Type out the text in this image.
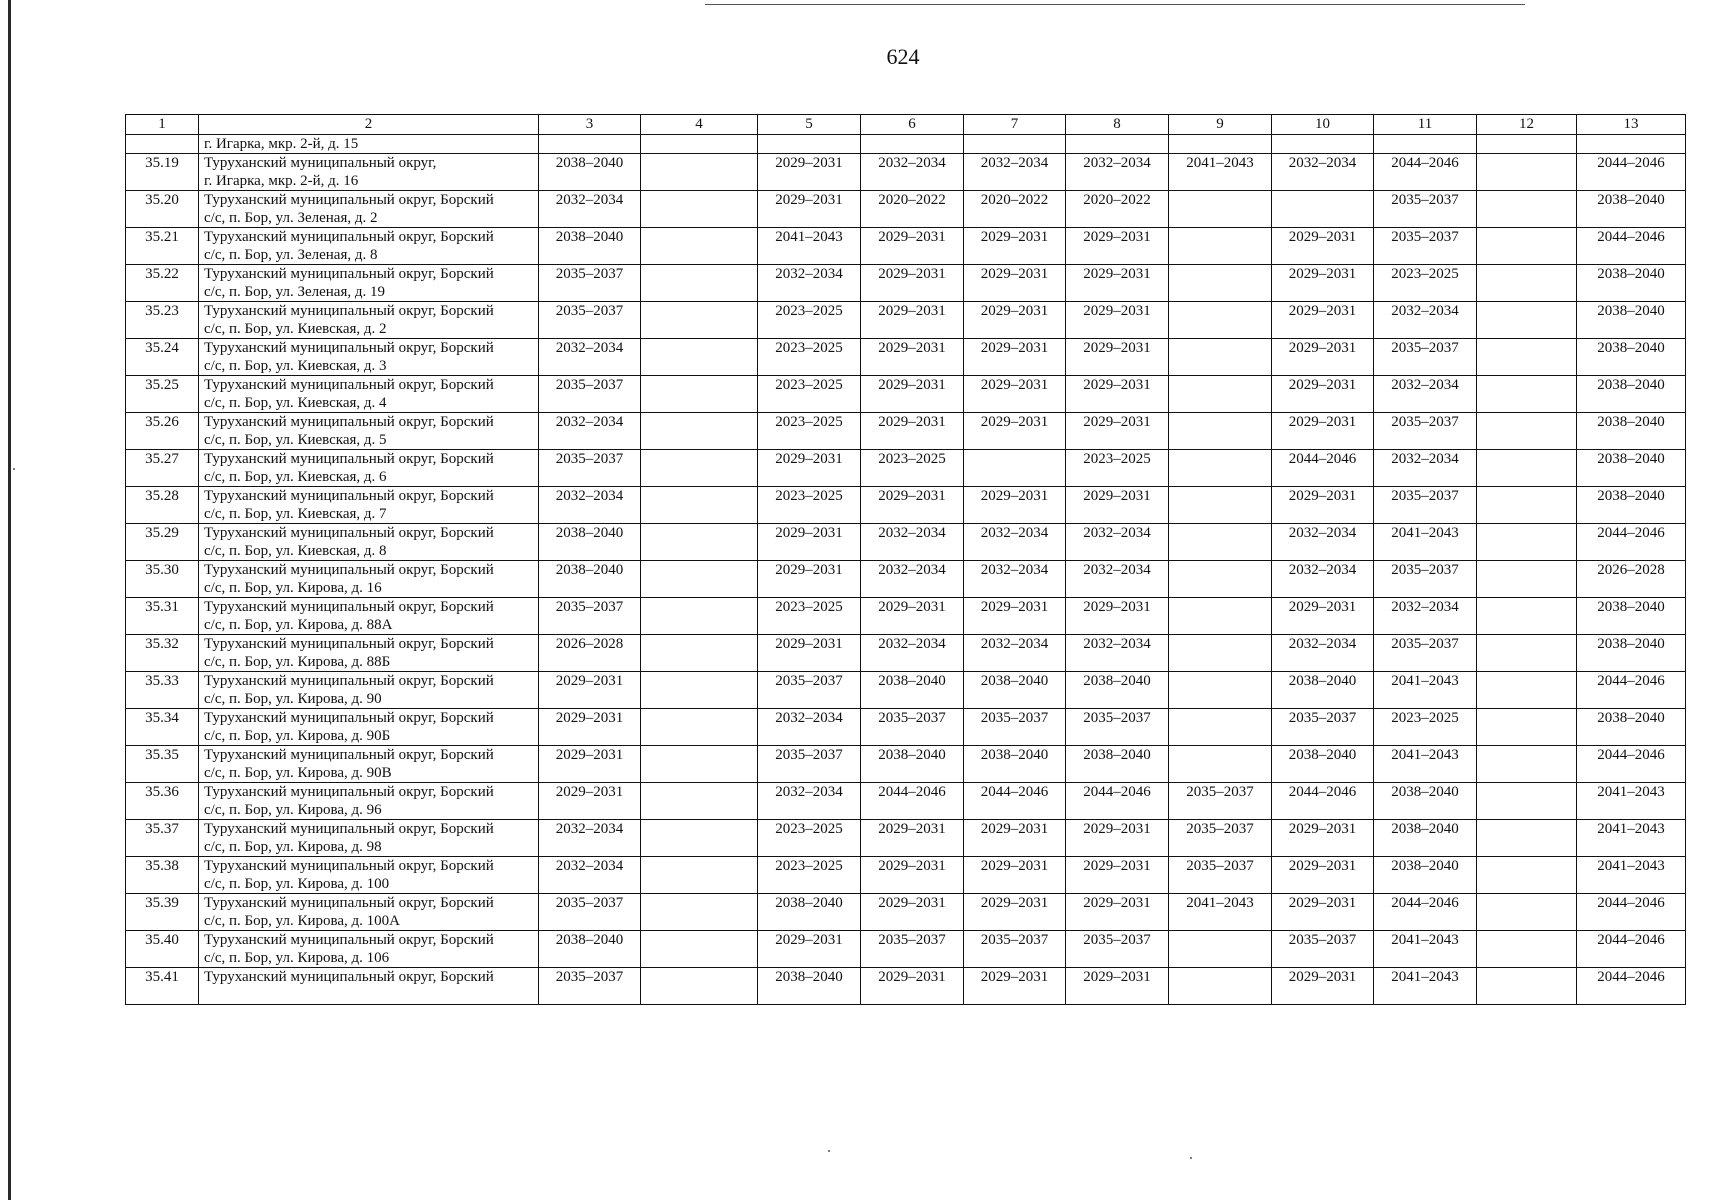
624
1	2	3	4	5	6	7	8	9	10	11	12	13

	г. Игарка, мкр. 2-й, д. 15											

35.19	Туруханский муниципальный округ,
г. Игарка, мкр. 2-й, д. 16	2038–2040		2029–2031	2032–2034	2032–2034	2032–2034	2041–2043	2032–2034	2044–2046		2044–2046
35.20	Туруханский муниципальный округ, Борский
с/с, п. Бор, ул. Зеленая, д. 2	2032–2034		2029–2031	2020–2022	2020–2022	2020–2022			2035–2037		2038–2040
35.21	Туруханский муниципальный округ, Борский
с/с, п. Бор, ул. Зеленая, д. 8	2038–2040		2041–2043	2029–2031	2029–2031	2029–2031		2029–2031	2035–2037		2044–2046
35.22	Туруханский муниципальный округ, Борский
с/с, п. Бор, ул. Зеленая, д. 19	2035–2037		2032–2034	2029–2031	2029–2031	2029–2031		2029–2031	2023–2025		2038–2040
35.23	Туруханский муниципальный округ, Борский
с/с, п. Бор, ул. Киевская, д. 2	2035–2037		2023–2025	2029–2031	2029–2031	2029–2031		2029–2031	2032–2034		2038–2040
35.24	Туруханский муниципальный округ, Борский
с/с, п. Бор, ул. Киевская, д. 3	2032–2034		2023–2025	2029–2031	2029–2031	2029–2031		2029–2031	2035–2037		2038–2040
35.25	Туруханский муниципальный округ, Борский
с/с, п. Бор, ул. Киевская, д. 4	2035–2037		2023–2025	2029–2031	2029–2031	2029–2031		2029–2031	2032–2034		2038–2040
35.26	Туруханский муниципальный округ, Борский
с/с, п. Бор, ул. Киевская, д. 5	2032–2034		2023–2025	2029–2031	2029–2031	2029–2031		2029–2031	2035–2037		2038–2040
35.27	Туруханский муниципальный округ, Борский
с/с, п. Бор, ул. Киевская, д. 6	2035–2037		2029–2031	2023–2025		2023–2025		2044–2046	2032–2034		2038–2040
35.28	Туруханский муниципальный округ, Борский
с/с, п. Бор, ул. Киевская, д. 7	2032–2034		2023–2025	2029–2031	2029–2031	2029–2031		2029–2031	2035–2037		2038–2040
35.29	Туруханский муниципальный округ, Борский
с/с, п. Бор, ул. Киевская, д. 8	2038–2040		2029–2031	2032–2034	2032–2034	2032–2034		2032–2034	2041–2043		2044–2046
35.30	Туруханский муниципальный округ, Борский
с/с, п. Бор, ул. Кирова, д. 16	2038–2040		2029–2031	2032–2034	2032–2034	2032–2034		2032–2034	2035–2037		2026–2028
35.31	Туруханский муниципальный округ, Борский
с/с, п. Бор, ул. Кирова, д. 88А	2035–2037		2023–2025	2029–2031	2029–2031	2029–2031		2029–2031	2032–2034		2038–2040
35.32	Туруханский муниципальный округ, Борский
с/с, п. Бор, ул. Кирова, д. 88Б	2026–2028		2029–2031	2032–2034	2032–2034	2032–2034		2032–2034	2035–2037		2038–2040
35.33	Туруханский муниципальный округ, Борский
с/с, п. Бор, ул. Кирова, д. 90	2029–2031		2035–2037	2038–2040	2038–2040	2038–2040		2038–2040	2041–2043		2044–2046
35.34	Туруханский муниципальный округ, Борский
с/с, п. Бор, ул. Кирова, д. 90Б	2029–2031		2032–2034	2035–2037	2035–2037	2035–2037		2035–2037	2023–2025		2038–2040
35.35	Туруханский муниципальный округ, Борский
с/с, п. Бор, ул. Кирова, д. 90В	2029–2031		2035–2037	2038–2040	2038–2040	2038–2040		2038–2040	2041–2043		2044–2046
35.36	Туруханский муниципальный округ, Борский
с/с, п. Бор, ул. Кирова, д. 96	2029–2031		2032–2034	2044–2046	2044–2046	2044–2046	2035–2037	2044–2046	2038–2040		2041–2043
35.37	Туруханский муниципальный округ, Борский
с/с, п. Бор, ул. Кирова, д. 98	2032–2034		2023–2025	2029–2031	2029–2031	2029–2031	2035–2037	2029–2031	2038–2040		2041–2043
35.38	Туруханский муниципальный округ, Борский
с/с, п. Бор, ул. Кирова, д. 100	2032–2034		2023–2025	2029–2031	2029–2031	2029–2031	2035–2037	2029–2031	2038–2040		2041–2043
35.39	Туруханский муниципальный округ, Борский
с/с, п. Бор, ул. Кирова, д. 100А	2035–2037		2038–2040	2029–2031	2029–2031	2029–2031	2041–2043	2029–2031	2044–2046		2044–2046
35.40	Туруханский муниципальный округ, Борский
с/с, п. Бор, ул. Кирова, д. 106	2038–2040		2029–2031	2035–2037	2035–2037	2035–2037		2035–2037	2041–2043		2044–2046
35.41	Туруханский муниципальный округ, Борский	2035–2037		2038–2040	2029–2031	2029–2031	2029–2031		2029–2031	2041–2043		2044–2046
